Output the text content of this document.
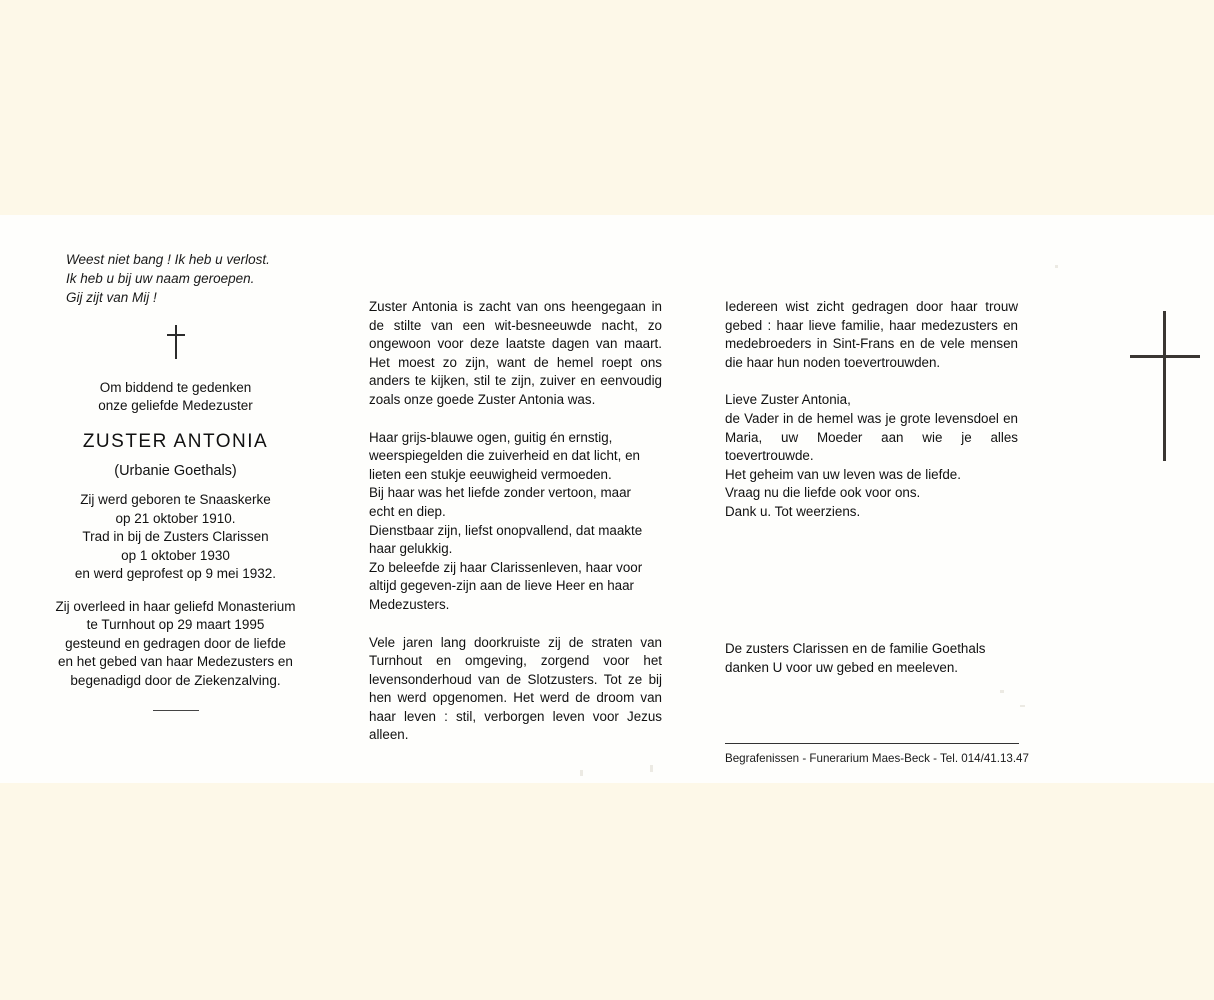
Weest niet bang ! Ik heb u verlost.
Ik heb u bij uw naam geroepen.
Gij zijt van Mij !
Om biddend te gedenken
onze geliefde Medezuster
ZUSTER ANTONIA
(Urbanie Goethals)
Zij werd geboren te Snaaskerke
op 21 oktober 1910.
Trad in bij de Zusters Clarissen
op 1 oktober 1930
en werd geprofest op 9 mei 1932.
Zij overleed in haar geliefd Monasterium
te Turnhout op 29 maart 1995
gesteund en gedragen door de liefde
en het gebed van haar Medezusters en
begenadigd door de Ziekenzalving.

Zuster Antonia is zacht van ons heengegaan in de stilte van een wit-besneeuwde nacht, zo ongewoon voor deze laatste dagen van maart. Het moest zo zijn, want de hemel roept ons anders te kijken, stil te zijn, zuiver en eenvoudig zoals onze goede Zuster Antonia was.

Haar grijs-blauwe ogen, guitig én ernstig,
weerspiegelden die zuiverheid en dat licht, en
lieten een stukje eeuwigheid vermoeden.
Bij haar was het liefde zonder vertoon, maar
echt en diep.
Dienstbaar zijn, liefst onopvallend, dat maakte
haar gelukkig.
Zo beleefde zij haar Clarissenleven, haar voor
altijd gegeven-zijn aan de lieve Heer en haar
Medezusters.

Vele jaren lang doorkruiste zij de straten van Turnhout en omgeving, zorgend voor het levensonderhoud van de Slotzusters. Tot ze bij hen werd opgenomen. Het werd de droom van haar leven : stil, verborgen leven voor Jezus alleen.

Iedereen wist zicht gedragen door haar trouw gebed : haar lieve familie, haar medezusters en medebroeders in Sint-Frans en de vele mensen die haar hun noden toevertrouwden.

Lieve Zuster Antonia,
de Vader in de hemel was je grote levensdoel en Maria, uw Moeder aan wie je alles toevertrouwde. Het geheim van uw leven was de liefde.
Vraag nu die liefde ook voor ons.
Dank u. Tot weerziens.

De zusters Clarissen en de familie Goethals
danken U voor uw gebed en meeleven.
Begrafenissen - Funerarium Maes-Beck - Tel. 014/41.13.47
